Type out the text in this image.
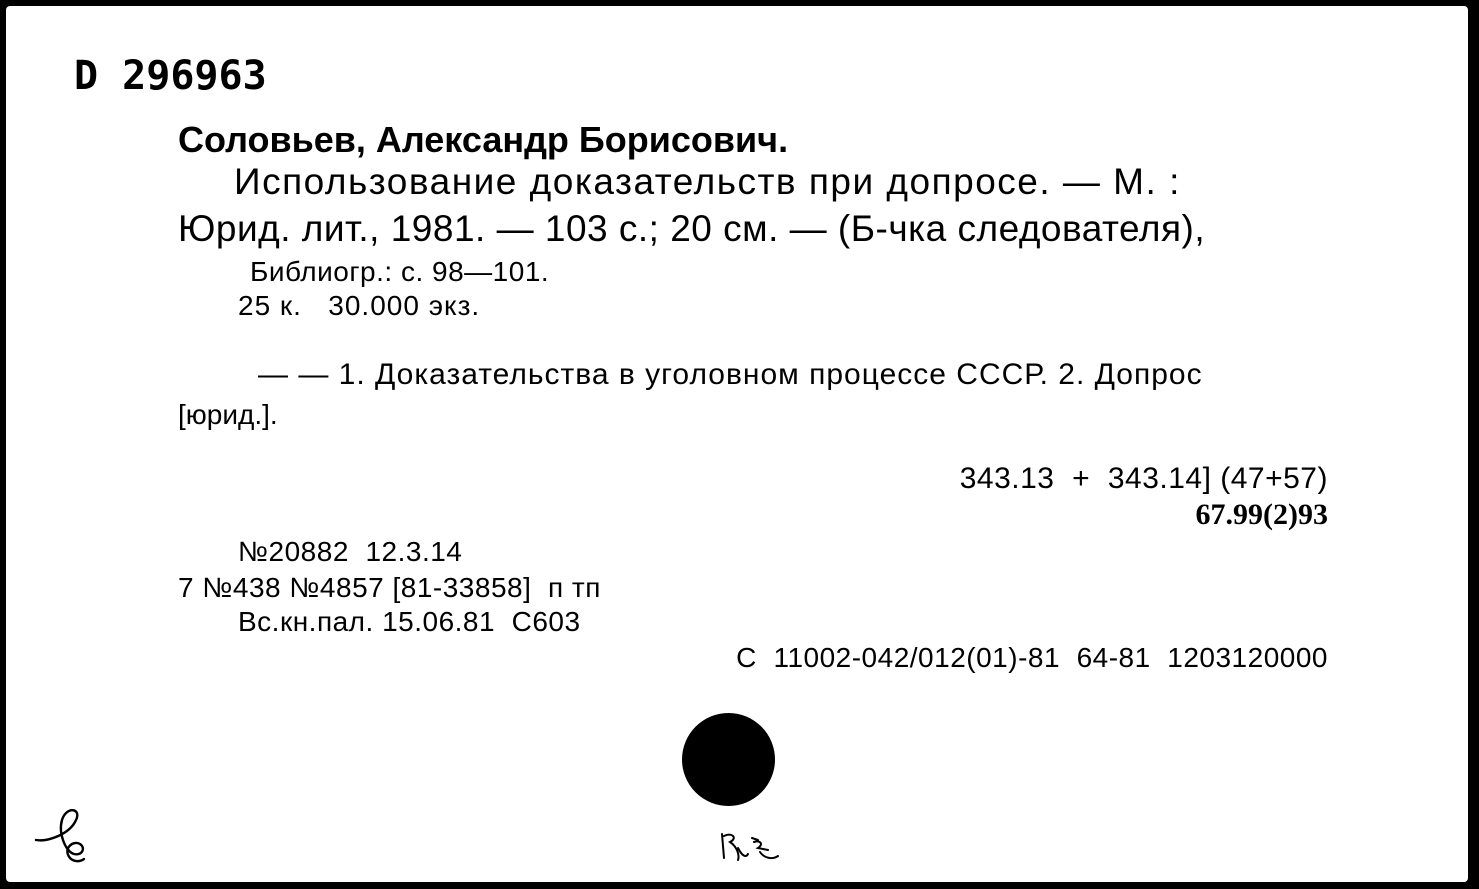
D 296963
Соловьев, Александр Борисович.
Использование доказательств при допросе. — М. :
Юрид. лит., 1981. — 103 с.; 20 см. — (Б-чка следователя),
Библиогр.: с. 98—101.
25 к.   30.000 экз.
— — 1. Доказательства в уголовном процессе СССР. 2. Допрос
[юрид.].
343.13  +  343.14] (47+57)
67.99(2)93
№20882  12.3.14
7 №438 №4857 [81-33858]  п тп
Вс.кн.пал. 15.06.81  С603
С  11002-042/012(01)-81  64-81  1203120000
